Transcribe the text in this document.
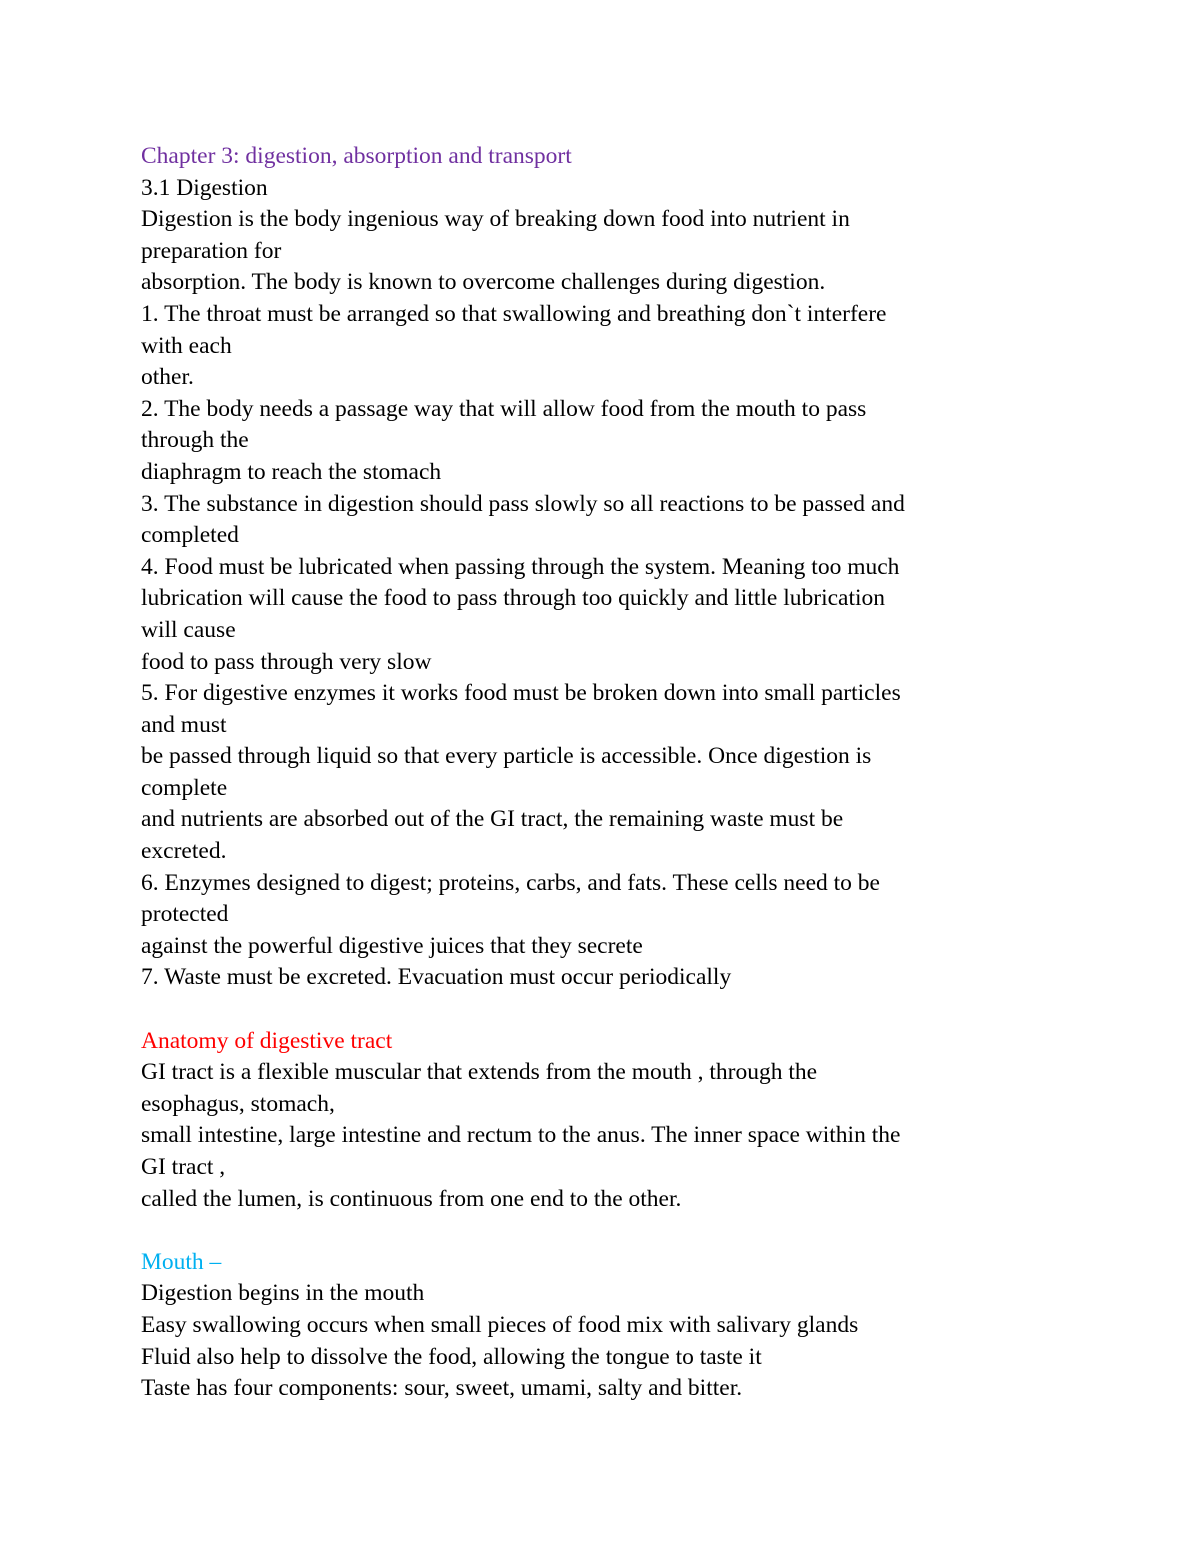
Chapter 3: digestion, absorption and transport
3.1 Digestion
Digestion is the body ingenious way of breaking down food into nutrient in
preparation for
absorption. The body is known to overcome challenges during digestion.
1. The throat must be arranged so that swallowing and breathing don`t interfere
with each
other.
2. The body needs a passage way that will allow food from the mouth to pass
through the
diaphragm to reach the stomach
3. The substance in digestion should pass slowly so all reactions to be passed and
completed
4. Food must be lubricated when passing through the system. Meaning too much
lubrication will cause the food to pass through too quickly and little lubrication
will cause
food to pass through very slow
5. For digestive enzymes it works food must be broken down into small particles
and must
be passed through liquid so that every particle is accessible. Once digestion is
complete
and nutrients are absorbed out of the GI tract, the remaining waste must be
excreted.
6. Enzymes designed to digest; proteins, carbs, and fats. These cells need to be
protected
against the powerful digestive juices that they secrete
7. Waste must be excreted. Evacuation must occur periodically
Anatomy of digestive tract
GI tract is a flexible muscular that extends from the mouth , through the
esophagus, stomach,
small intestine, large intestine and rectum to the anus. The inner space within the
GI tract ,
called the lumen, is continuous from one end to the other.
Mouth –
Digestion begins in the mouth
Easy swallowing occurs when small pieces of food mix with salivary glands
Fluid also help to dissolve the food, allowing the tongue to taste it
Taste has four components: sour, sweet, umami, salty and bitter.
